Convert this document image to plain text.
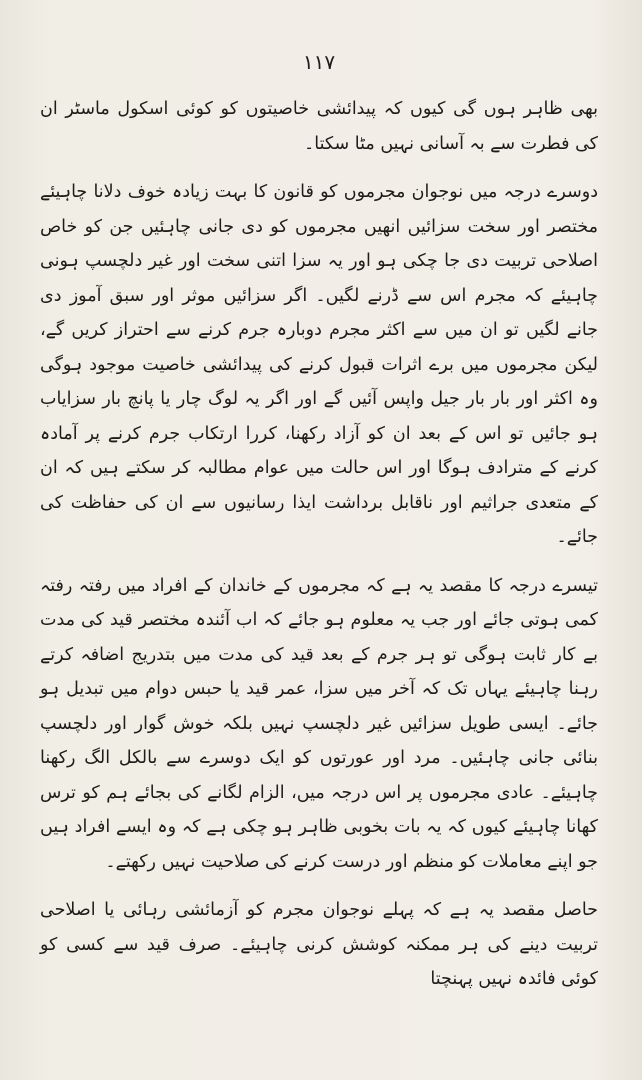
۱۱۷

بھی ظاہر ہوں گی کیوں کہ پیدائشی خاصیتوں کو کوئی اسکول ماسٹر ان کی فطرت سے بہ آسانی نہیں مٹا سکتا۔

دوسرے درجہ میں نوجوان مجرموں کو قانون کا بہت زیادہ خوف دلانا چاہیئے مختصر اور سخت سزائیں انھیں مجرموں کو دی جانی چاہئیں جن کو خاص اصلاحی تربیت دی جا چکی ہو اور یہ سزا اتنی سخت اور غیر دلچسپ ہونی چاہیئے کہ مجرم اس سے ڈرنے لگیں۔ اگر سزائیں موثر اور سبق آموز دی جانے لگیں تو ان میں سے اکثر مجرم دوبارہ جرم کرنے سے احتراز کریں گے، لیکن مجرموں میں برے اثرات قبول کرنے کی پیدائشی خاصیت موجود ہوگی وہ اکثر اور بار بار جیل واپس آئیں گے اور اگر یہ لوگ چار یا پانچ بار سزایاب ہو جائیں تو اس کے بعد ان کو آزاد رکھنا، کررا ارتکاب جرم کرنے پر آمادہ کرنے کے مترادف ہوگا اور اس حالت میں عوام مطالبہ کر سکتے ہیں کہ ان کے متعدی جراثیم اور ناقابل برداشت ایذا رسانیوں سے ان کی حفاظت کی جائے۔

تیسرے درجہ کا مقصد یہ ہے کہ مجرموں کے خاندان کے افراد میں رفتہ رفتہ کمی ہوتی جائے اور جب یہ معلوم ہو جائے کہ اب آئندہ مختصر قید کی مدت بے کار ثابت ہوگی تو ہر جرم کے بعد قید کی مدت میں بتدریج اضافہ کرتے رہنا چاہیئے یہاں تک کہ آخر میں سزا، عمر قید یا حبس دوام میں تبدیل ہو جائے۔ ایسی طویل سزائیں غیر دلچسپ نہیں بلکہ خوش گوار اور دلچسپ بنائی جانی چاہئیں۔ مرد اور عورتوں کو ایک دوسرے سے بالکل الگ رکھنا چاہیئے۔ عادی مجرموں پر اس درجہ میں، الزام لگانے کی بجائے ہم کو ترس کھانا چاہیئے کیوں کہ یہ بات بخوبی ظاہر ہو چکی ہے کہ وہ ایسے افراد ہیں جو اپنے معاملات کو منظم اور درست کرنے کی صلاحیت نہیں رکھتے۔

حاصل مقصد یہ ہے کہ پہلے نوجوان مجرم کو آزمائشی رہائی یا اصلاحی تربیت دینے کی ہر ممکنہ کوشش کرنی چاہیئے۔ صرف قید سے کسی کو کوئی فائدہ نہیں پہنچتا
